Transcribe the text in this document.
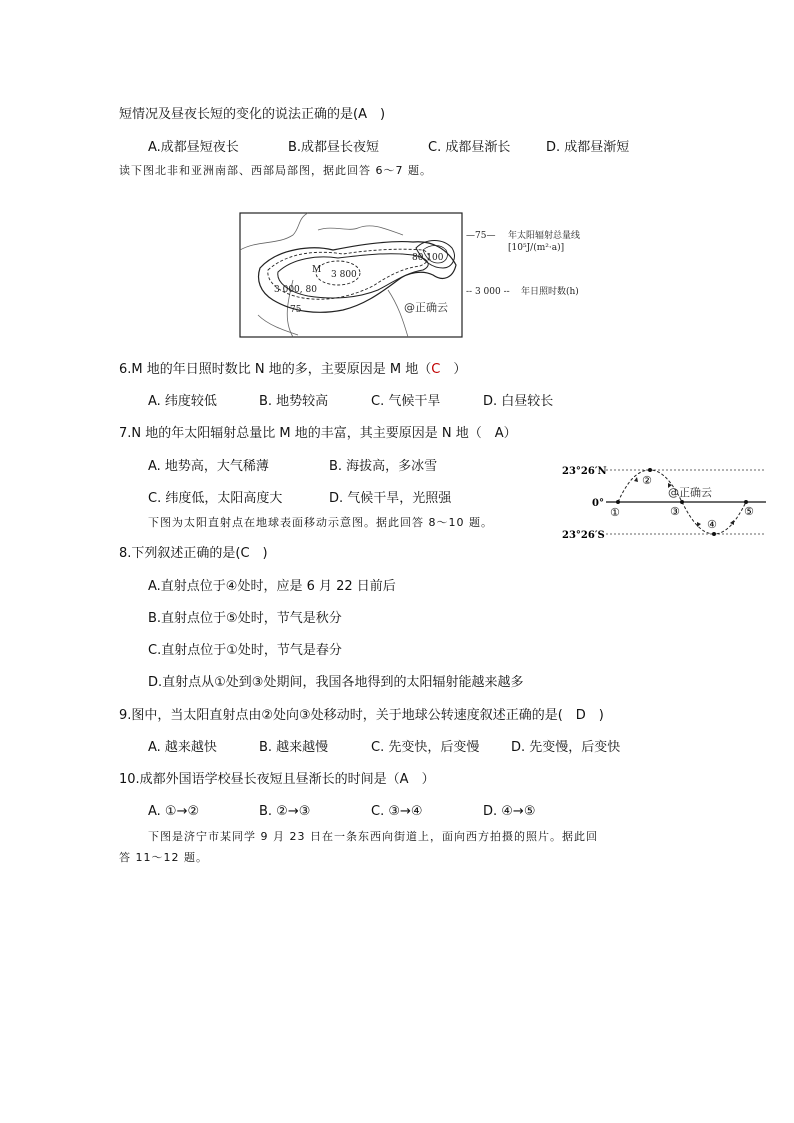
短情况及昼夜长短的变化的说法正确的是(A　)
A.成都昼短夜长	B.成都昼长夜短	C. 成都昼渐长	D. 成都昼渐短
读下图北非和亚洲南部、西部局部图，据此回答 6～7 题。
M 3 800
80 100
3 000, 80
75	@正确云
—75— 年太阳辐射总量线
[10⁵J/(m²·a)]
-- 3 000 -- 年日照时数(h)
6.M 地的年日照时数比 N 地的多，主要原因是 M 地（C　）
A. 纬度较低	B. 地势较高	C. 气候干旱	D. 白昼较长
7.N 地的年太阳辐射总量比 M 地的丰富，其主要原因是 N 地（　A）
A. 地势高，大气稀薄	B. 海拔高，多冰雪
C. 纬度低，太阳高度大	D. 气候干旱，光照强
下图为太阳直射点在地球表面移动示意图。据此回答 8～10 题。
23°26′N
0°
23°26′S
①
②
③
④
⑤
@正确云
8.下列叙述正确的是(C　)
A.直射点位于④处时，应是 6 月 22 日前后
B.直射点位于⑤处时，节气是秋分
C.直射点位于①处时，节气是春分
D.直射点从①处到③处期间，我国各地得到的太阳辐射能越来越多
9.图中，当太阳直射点由②处向③处移动时，关于地球公转速度叙述正确的是(　D　)
A. 越来越快	B. 越来越慢	C. 先变快，后变慢 D. 先变慢，后变快
10.成都外国语学校昼长夜短且昼渐长的时间是（A　）
A. ①→②	B. ②→③	C. ③→④	D. ④→⑤
下图是济宁市某同学 9 月 23 日在一条东西向街道上，面向西方拍摄的照片。据此回
答 11～12 题。
